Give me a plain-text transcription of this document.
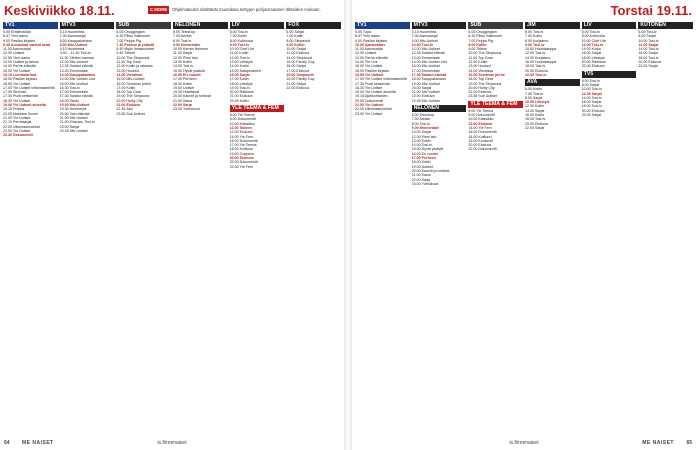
Keskiviikko 18.11.	C MORE Ohjelmatiedot sisältävät muutoksia tiettyjen pohjoismaisten lähteiden mukaan.
TV1
5.55 Erätietokilpa
6.57 Ylen aamu
9.00 Pasilan kirjasto
9.35 Arvokkaat vanhat asiat
11.00 Aamusarjat
12.00 Uutiset
12.55 Ylen aamu
13.00 Uutiset ja talous
14.00 Perhe-elämää
15.00 Yle Uutiset
15.10 Luontotarinat
16.00 Pasilan kirjasto
16.55 Yle Uutiset
17.00 Yle Uutiset viittomakielellä
17.05 Strömsö
17.30 Puoli seitsemän
18.30 Yle Uutiset
19.00 Yle Uutiset alueelta
19.15 Prisma
20.00 Mahtava Suomi
21.00 Yle Uutiset
21.10 Perhesarjat
22.00 Ulkomaanuutiset
23.00 Yle Uutiset
23.30 Dokumentti
MTV3
6.15 Huomenta
7.00 Aamusarjat
8.55 Kauppakanava
9.00 Mtv-Uutiset
9.10 Huomenta
9.40 – 11.30 Tosi-tv
11.30 Tähtien kanssa
12.00 Mtv-Uutiset
12.35 Salatut elämät
13.00 Emmerdale
13.30 Kauppakanava
14.00 Mtv Uutiset Live
16.00 Mtv-Uutiset
16.30 Tosi-tv
17.00 Emmerdale
17.30 Salatut elämät
18.00 Taisto
19.00 Mtv-Uutiset
19.30 Huomenta
20.00 Vain elämää
21.00 Mtv Uutiset
21.50 Elokuva: Tosi-tv
23.00 Sarjat
23.45 Mtv Uutiset
SUB
6.00 Chuggington
6.30 Pikku Kakkonen
7.00 Peppa Pig
7.40 Ponnot ja ystävät
8.40 Myös ihmissuhteet
9.40 Tohtori
10.00 The Simpsons
11.00 Top Gear
12.00 Kotiin ja rakkaus
13.00 Hooked
14.00 Vieraissa
15.00 Mtv-Uutiset
16.00 Serranon perhe
17.00 Kotiin
18.00 Top Gear
19.00 The Simpsons
20.00 Holby City
21.00 Elokuva
22.45 Jani
23.55 Sub Uutiset
NELONEN
6.00 Teleshop
7.00 Arkisin
8.00 Tosi-tv
9.00 Emmerdale
10.00 Kerran Nelonen
11.00 Sarjat
12.00 Pieni talo
13.00 Kotiin
14.00 Tosi-tv
15.00 Hyvät ystävät
16.00 Eri vuodet
17.00 Perheen
18.00 Kotiin
19.00 Uutiset
19.30 Huvittavat
20.00 Kauniit ja rohkeat
21.00 Ihana
22.00 Sarja
23.00 Yöelokuva
LIV
6.00 Tosi-tv
7.00 Kotiin
8.00 Kotiruoka
9.00 Tosi-tv
10.00 Chef Life
11.00 Kotiin
12.00 Tosi-tv
13.00 Lifestyle
14.00 Kodin
15.00 Salaperäinen
16.00 Sarjat
17.00 Kotiin
18.00 Lifestyle
19.00 Tosi-tv
20.00 Rakkaus
21.00 Elokuva
22.45 Kotiin
YLE TEEMA & FEM
8.00 Yle Teema
9.00 Dokumentti
10.00 Klassikko
11.00 Taiteen
12.00 Elokuva
14.00 Yle Fem
16.00 Dokumentti
17.00 Yle Teema
18.00 Kulttuuri
19.00 Ooppera
20.00 Elokuva
22.00 Dokumentti
23.30 Yle Fem
FOX
6.00 Sarjat
7.00 Kotiin
8.00 Simpsonit
9.00 Kotiin
10.00 Sarjat
12.00 Elokuva
14.00 Simpsonit
15.00 Family Guy
16.00 Sarjat
17.00 Elokuva
19.00 Simpsonit
20.00 Family Guy
21.00 Sarjat
22.00 Elokuva
64 ME NAISET	is.fi/menaiset
Torstai 19.11.
TV1
5.55 Tupa
6.57 Ylen aamu
9.00 Pasilan kirjasto
10.00 Ajankohtais
11.00 Aamusarjat
12.00 Uutiset
13.00 Perhe-elämää
14.00 Yle Live
15.00 Yle Uutiset
16.00 Pasilan kirjasto
16.55 Yle Uutiset
17.00 Yle Uutiset viittomakielellä
17.30 Puoli seitsemän
18.30 Yle Uutiset
19.00 Yle Uutiset alueelta
19.15 Ajankohtainen
20.00 Dokumentti
21.00 Yle Uutiset
22.00 Ulkomaanuutiset
23.00 Yle Uutiset
MTV3
6.15 Huomenta
7.00 Aamusarjat
9.00 Mtv-Uutiset
10.00 Tosi-tv
12.00 Mtv-Uutiset
12.35 Salatut elämät
13.00 Emmerdale
14.00 Mtv Uutiset Live
16.00 Mtv-Uutiset
17.00 Emmerdale
17.30 Salatut elämät
18.00 Kauppakanava
19.00 Mtv-Uutiset
20.00 Sarjat
21.00 Mtv Uutiset
22.00 Elokuva
23.45 Mtv Uutiset
NELONEN
6.00 Teleshop
7.00 Arkisin
8.00 Tosi-tv
9.00 Emmerdale
10.00 Sarjat
12.00 Pieni talo
13.00 Kotiin
14.00 Tosi-tv
15.00 Hyvät ystävät
16.00 Eri vuodet
17.00 Perheen
18.00 Kotiin
19.00 Uutiset
20.00 Kauniit ja rohkeat
21.00 Ihana
22.00 Sarja
23.00 Yöelokuva
SUB
6.00 Chuggington
6.30 Pikku Kakkonen
7.00 Peppa Pig
8.00 Kotiin
9.00 Tohtori
10.00 The Simpsons
11.00 Top Gear
12.00 Kotiin
13.00 Hooked
14.00 Vieraissa
16.00 Serranon perhe
18.00 Top Gear
19.00 The Simpsons
20.00 Holby City
21.00 Elokuva
23.55 Sub Uutiset
YLE TEEMA & FEM
8.00 Yle Teema
9.00 Dokumentti
10.00 Klassikko
12.00 Elokuva
14.00 Yle Fem
16.00 Dokumentti
18.00 Kulttuuri
19.00 Konsertti
20.00 Elokuva
22.00 Dokumentti
JIM
6.00 Tosi-tv
7.00 Kotiin
8.00 Korjaamo
9.00 Tosi-tv
10.00 Huutokauppa
12.00 Tosi-tv
14.00 Korjaamo
16.00 Huutokauppa
18.00 Tosi-tv
20.00 Elokuva
22.00 Tosi-tv
AVA
6.00 Kotiin
7.00 Tosi-tv
8.00 Sarjat
10.00 Lifestyle
12.00 Kotiin
14.00 Sarjat
16.00 Kotiin
18.00 Tosi-tv
20.00 Elokuva
22.00 Sarjat
LIV
6.00 Tosi-tv
8.00 Kotiruoka
10.00 Chef Life
12.00 Tosi-tv
14.00 Kodin
16.00 Sarjat
18.00 Lifestyle
20.00 Rakkaus
22.00 Elokuva
TV5
6.00 Tosi-tv
8.00 Sarjat
10.00 Tosi-tv
12.00 Sarjat
14.00 Tosi-tv
16.00 Sarjat
18.00 Tosi-tv
20.00 Elokuva
22.00 Sarjat
KUTONEN
6.00 Tosi-tv
8.00 Sarjat
10.00 Tosi-tv
12.00 Sarjat
14.00 Tosi-tv
16.00 Sarjat
18.00 Tosi-tv
20.00 Elokuva
22.00 Sarjat
is.fi/menaiset	ME NAISET 65
